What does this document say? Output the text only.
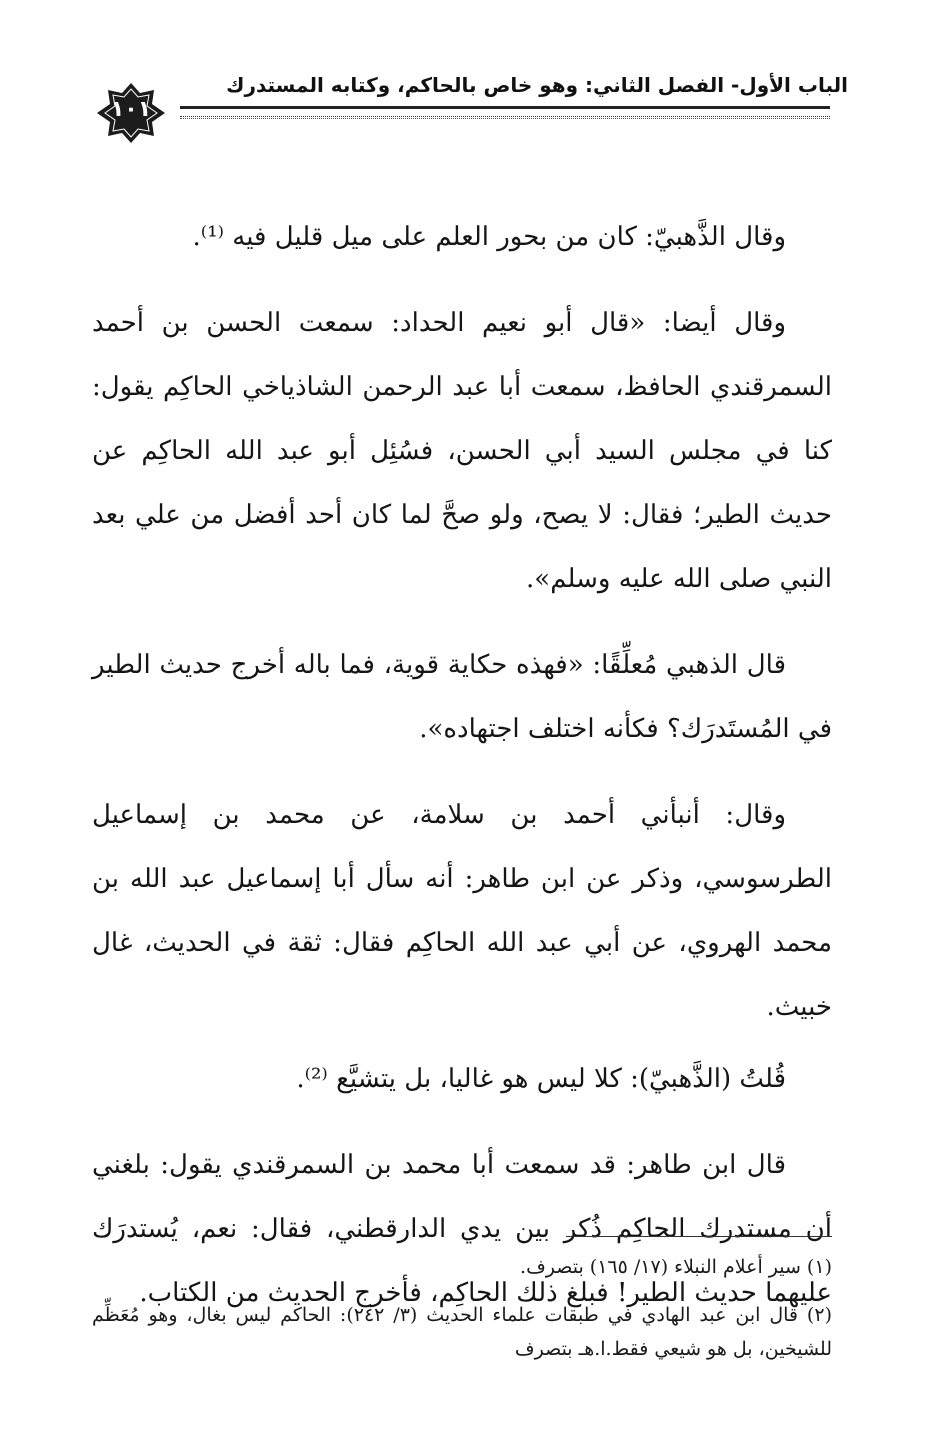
الباب الأول- الفصل الثاني: وهو خاص بالحاكم، وكتابه المستدرك
١٠١

وقال الذَّهبيّ: كان من بحور العلم على ميل قليل فيه ⁽¹⁾.

وقال أيضا: «قال أبو نعيم الحداد: سمعت الحسن بن أحمد السمرقندي الحافظ، سمعت أبا عبد الرحمن الشاذياخي الحاكِم يقول: كنا في مجلس السيد أبي الحسن، فسُئِل أبو عبد الله الحاكِم عن حديث الطير؛ فقال: لا يصح، ولو صحَّ لما كان أحد أفضل من علي بعد النبي صلى الله عليه وسلم».

قال الذهبي مُعلِّقًا: «فهذه حكاية قوية، فما باله أخرج حديث الطير في المُستَدرَك؟ فكأنه اختلف اجتهاده».

وقال: أنبأني أحمد بن سلامة، عن محمد بن إسماعيل الطرسوسي، وذكر عن ابن طاهر: أنه سأل أبا إسماعيل عبد الله بن محمد الهروي، عن أبي عبد الله الحاكِم فقال: ثقة في الحديث، غال خبيث.

قُلتُ (الذَّهبيّ): كلا ليس هو غاليا، بل يتشيَّع ⁽²⁾.

قال ابن طاهر: قد سمعت أبا محمد بن السمرقندي يقول: بلغني أن مستدرك الحاكِم ذُكر بين يدي الدارقطني، فقال: نعم، يُستدرَك عليهما حديث الطير! فبلغ ذلك الحاكِم، فأخرج الحديث من الكتاب.

(١) سير أعلام النبلاء (١٧/ ١٦٥) بتصرف.

(٢) قال ابن عبد الهادي في طبقات علماء الحديث (٣/ ٢٤٢): الحاكم ليس بغال، وهو مُعَظِّم للشيخين، بل هو شيعي فقط.ا.هـ بتصرف
